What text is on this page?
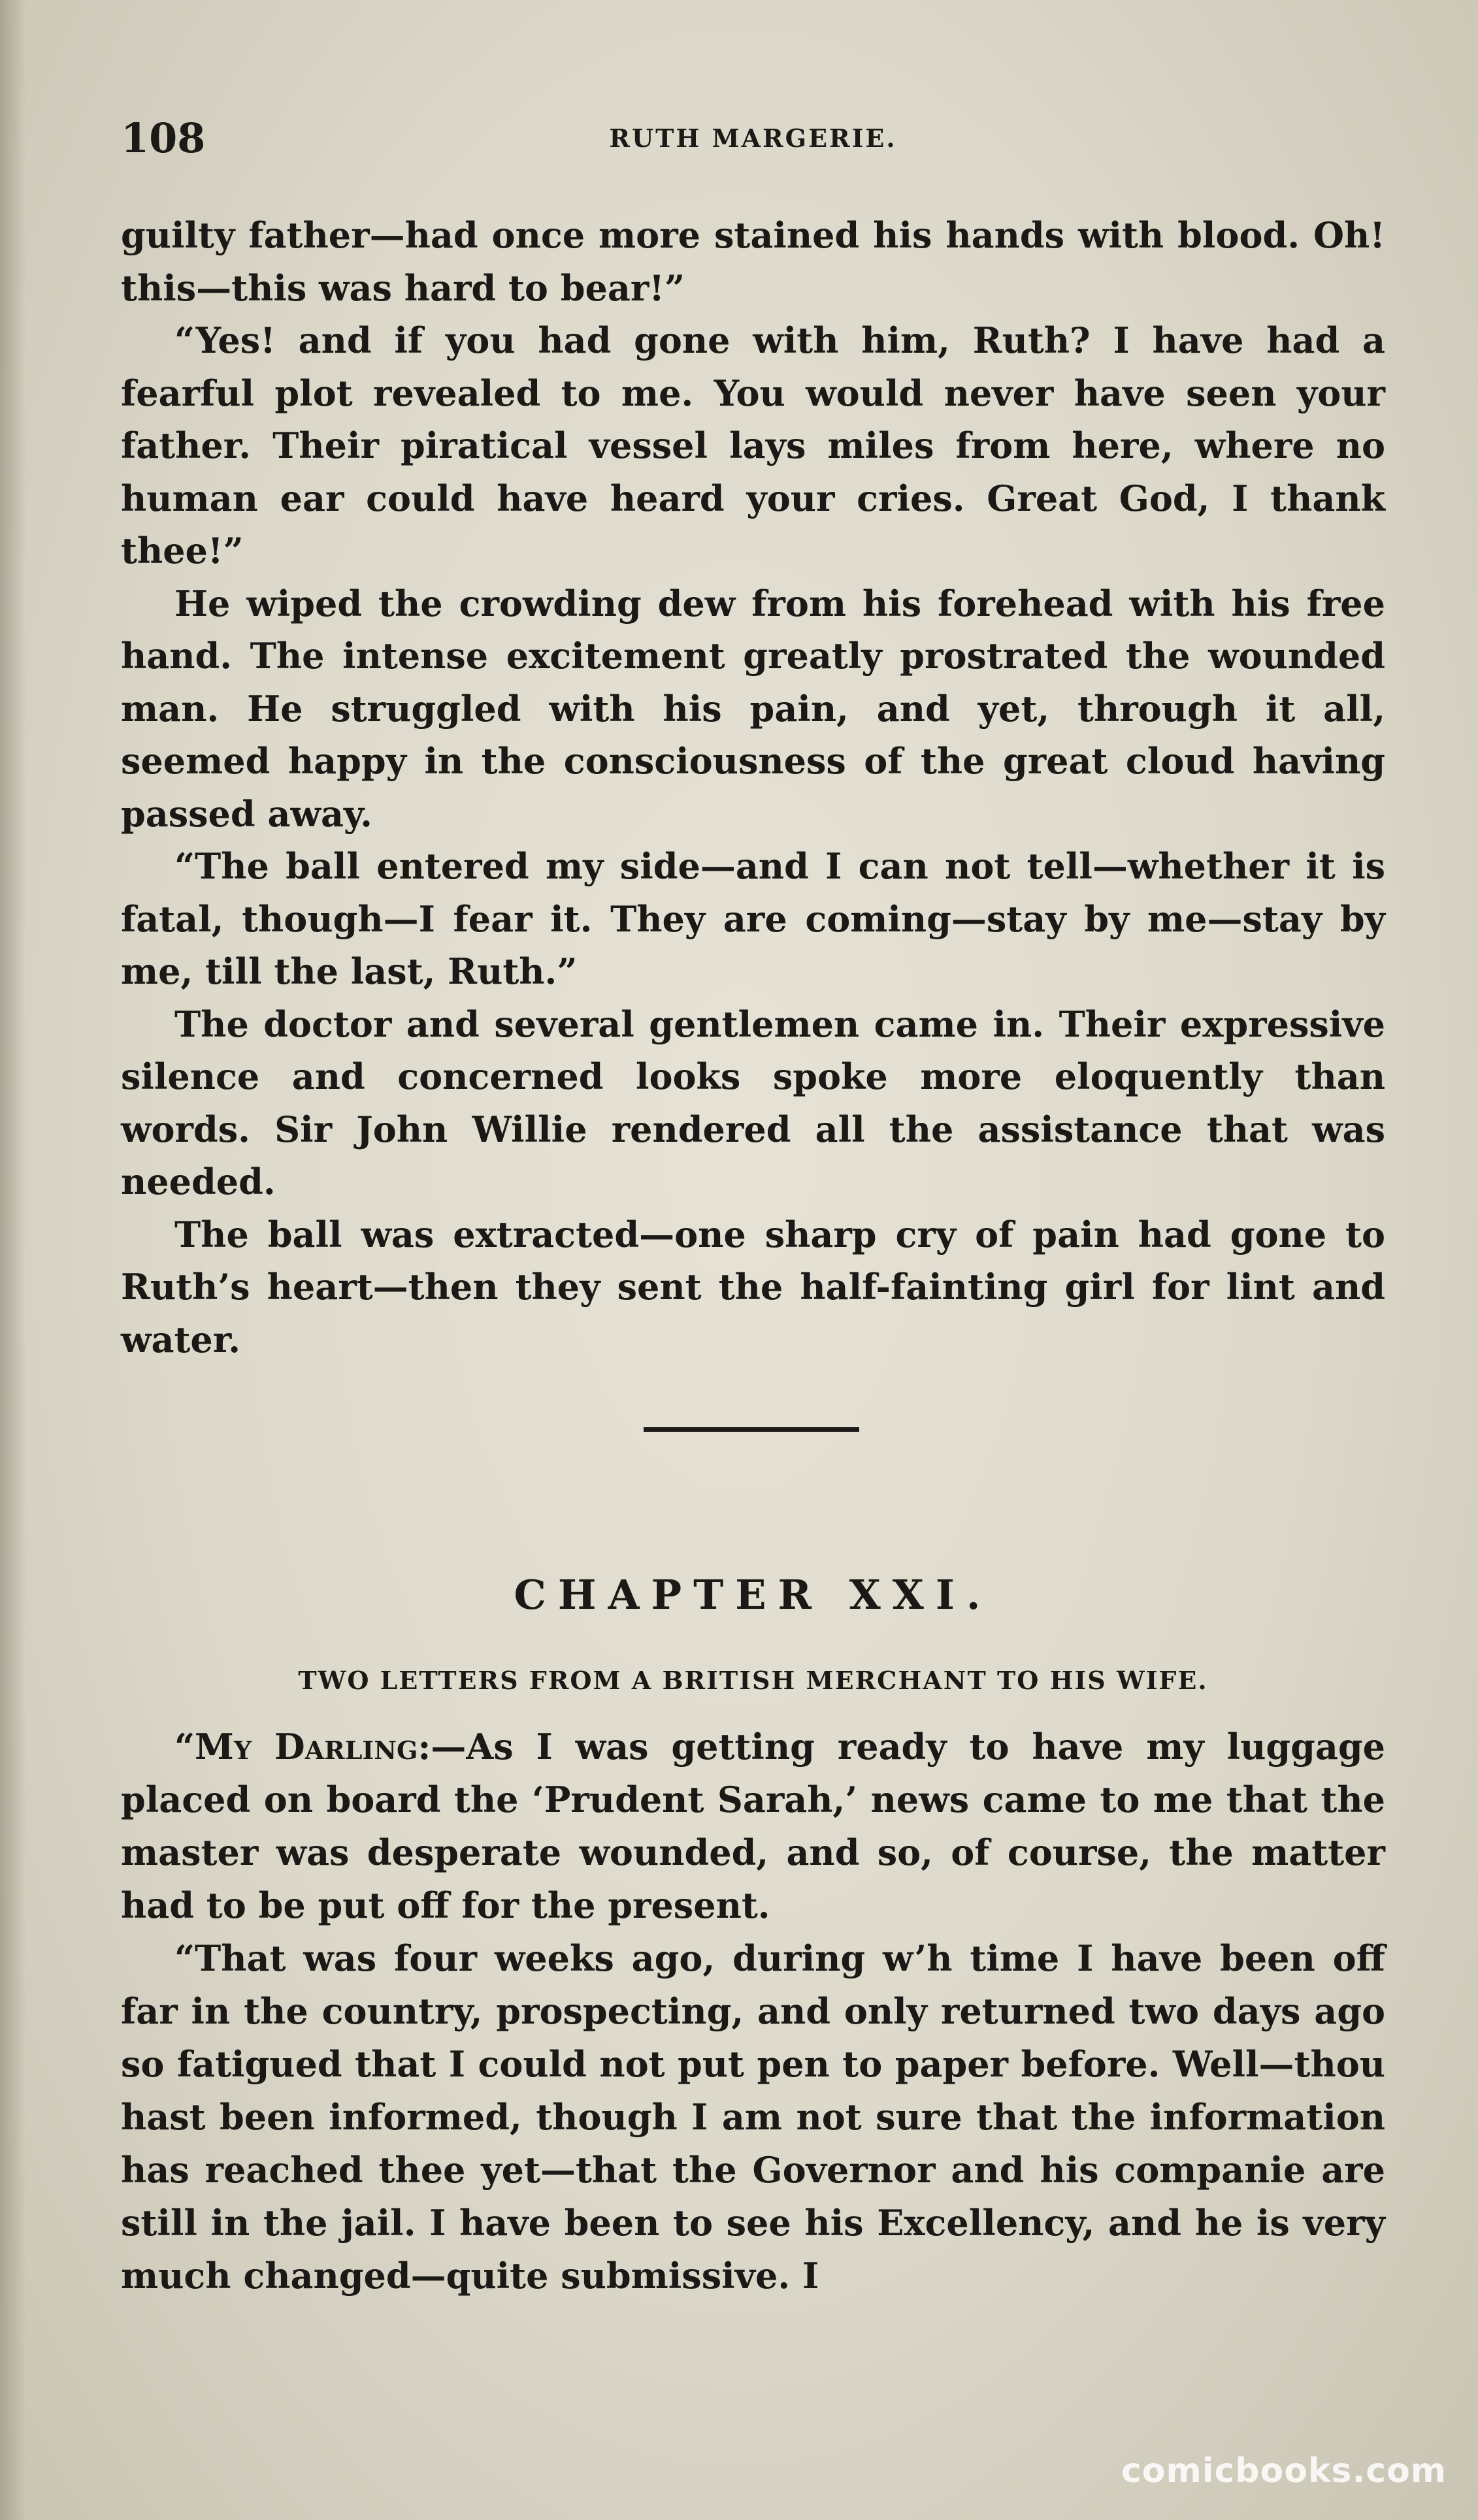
108	RUTH MARGERIE.

guilty father—had once more stained his hands with blood. Oh! this—this was hard to bear!”

“Yes! and if you had gone with him, Ruth? I have had a fearful plot revealed to me. You would never have seen your father. Their piratical vessel lays miles from here, where no human ear could have heard your cries. Great God, I thank thee!”

He wiped the crowding dew from his forehead with his free hand. The intense excitement greatly prostrated the wounded man. He struggled with his pain, and yet, through it all, seemed happy in the consciousness of the great cloud having passed away.

“The ball entered my side—and I can not tell—whether it is fatal, though—I fear it. They are coming—stay by me—stay by me, till the last, Ruth.”

The doctor and several gentlemen came in. Their expressive silence and concerned looks spoke more eloquently than words. Sir John Willie rendered all the assistance that was needed.

The ball was extracted—one sharp cry of pain had gone to Ruth’s heart—then they sent the half-fainting girl for lint and water.

CHAPTER XXI.
TWO LETTERS FROM A BRITISH MERCHANT TO HIS WIFE.

“My Darling:—As I was getting ready to have my luggage placed on board the ‘Prudent Sarah,’ news came to me that the master was desperate wounded, and so, of course, the matter had to be put off for the present.

“That was four weeks ago, during w’h time I have been off far in the country, prospecting, and only returned two days ago so fatigued that I could not put pen to paper before. Well—thou hast been informed, though I am not sure that the information has reached thee yet—that the Governor and his companie are still in the jail. I have been to see his Excellency, and he is very much changed—quite submissive. I

comicbooks.com
